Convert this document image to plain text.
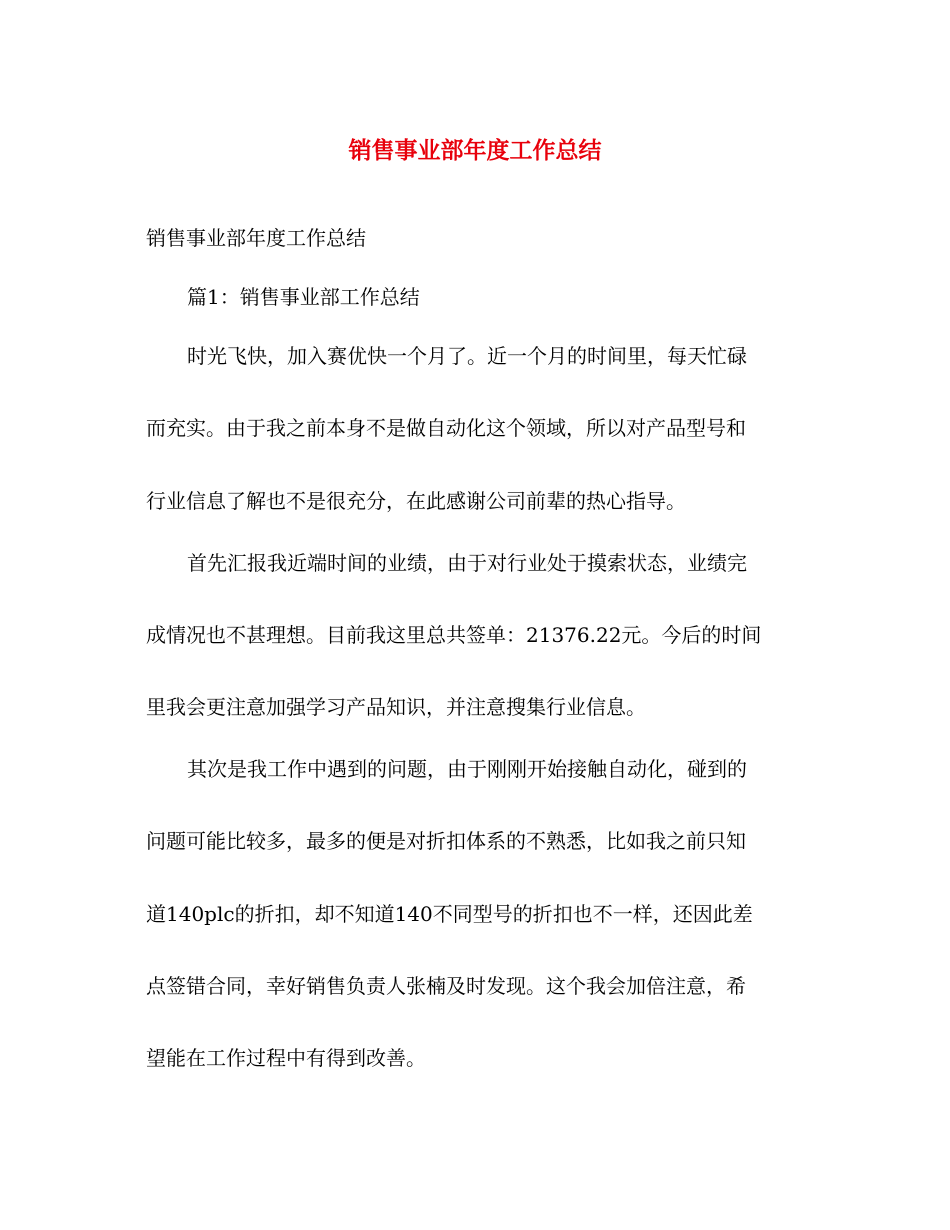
销售事业部年度工作总结
销售事业部年度工作总结
篇1：销售事业部工作总结
时光飞快，加入赛优快一个月了。近一个月的时间里，每天忙碌
而充实。由于我之前本身不是做自动化这个领域，所以对产品型号和
行业信息了解也不是很充分，在此感谢公司前辈的热心指导。
首先汇报我近端时间的业绩，由于对行业处于摸索状态，业绩完
成情况也不甚理想。目前我这里总共签单：21376.22元。今后的时间
里我会更注意加强学习产品知识，并注意搜集行业信息。
其次是我工作中遇到的问题，由于刚刚开始接触自动化，碰到的
问题可能比较多，最多的便是对折扣体系的不熟悉，比如我之前只知
道140plc的折扣，却不知道140不同型号的折扣也不一样，还因此差
点签错合同，幸好销售负责人张楠及时发现。这个我会加倍注意，希
望能在工作过程中有得到改善。
